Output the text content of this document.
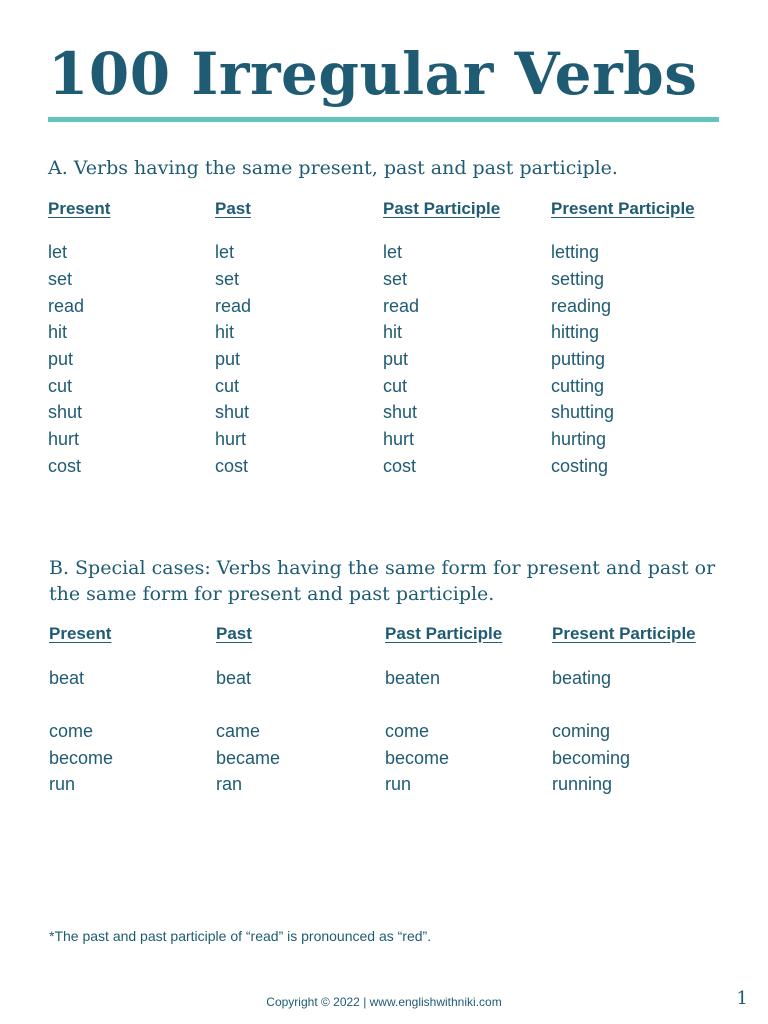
100 Irregular Verbs

A. Verbs having the same present, past and past participle.

Present	Past	Past Participle	Present Participle
let	let	let	letting
set	set	set	setting
read	read	read	reading
hit	hit	hit	hitting
put	put	put	putting
cut	cut	cut	cutting
shut	shut	shut	shutting
hurt	hurt	hurt	hurting
cost	cost	cost	costing

B. Special cases: Verbs having the same form for present and past or the same form for present and past participle.

Present	Past	Past Participle	Present Participle
beat	beat	beaten	beating
come	came	come	coming
become	became	become	becoming
run	ran	run	running
*The past and past participle of “read” is pronounced as “red”.
Copyright © 2022 | www.englishwithniki.com	1
